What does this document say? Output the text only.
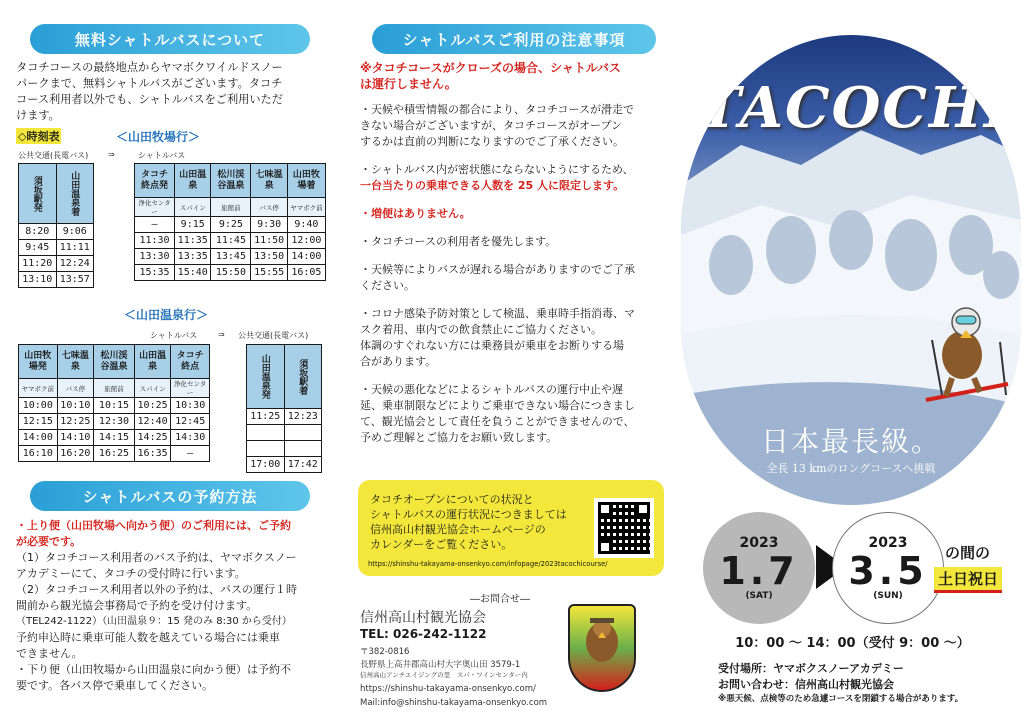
無料シャトルバスについて
タコチコースの最終地点からヤマボクワイルドスノー
パークまで、無料シャトルバスがございます。タコチ
コース利用者以外でも、シャトルバスをご利用いただ
けます。
◇時刻表	＜山田牧場行＞
公共交通(長電バス) ⇒	シャトルバス
須坂駅発	山田温泉着
8:20	9:06
9:45	11:11
11:20	12:24
13:10	13:57
タコチ終点発	山田温泉	松川渓谷温泉	七味温泉	山田牧場着
浄化センター	スパイン	旅館前	バス停	ヤマボク前
–	9:15	9:25	9:30	9:40
11:30	11:35	11:45	11:50	12:00
13:30	13:35	13:45	13:50	14:00
15:35	15:40	15:50	15:55	16:05
＜山田温泉行＞
シャトルバス	⇒ 公共交通(長電バス)
山田牧場発	七味温泉	松川渓谷温泉	山田温泉	タコチ終点
ヤマボク前	バス停	旅館前	スパイン	浄化センター
10:00	10:10	10:15	10:25	10:30
12:15	12:25	12:30	12:40	12:45
14:00	14:10	14:15	14:25	14:30
16:10	16:20	16:25	16:35	–
山田温泉発	須坂駅着
11:25	12:23

17:00	17:42
シャトルバスの予約方法
・上り便（山田牧場へ向かう便）のご利用には、ご予約
が必要です。
（1）タコチコース利用者のバス予約は、ヤマボクスノー
アカデミーにて、タコチの受付時に行います。
（2）タコチコース利用者以外の予約は、バスの運行１時
間前から観光協会事務局で予約を受け付けます。
（TEL242-1122）（山田温泉９：15 発のみ 8:30 から受付）
予約申込時に乗車可能人数を越えている場合には乗車
できません。
・下り便（山田牧場から山田温泉に向かう便）は予約不
要です。各バス停で乗車してください。
シャトルバスご利用の注意事項
※タコチコースがクローズの場合、シャトルバス
は運行しません。
・天候や積雪情報の都合により、タコチコースが滑走で
きない場合がございますが、タコチコースがオープン
するかは直前の判断になりますのでご了承ください。
・シャトルバス内が密状態にならないようにするため、
一台当たりの乗車できる人数を 25 人に限定します。
・増便はありません。
・タコチコースの利用者を優先します。
・天候等によりバスが遅れる場合がありますのでご了承
ください。
・コロナ感染予防対策として検温、乗車時手指消毒、マ
スク着用、車内での飲食禁止にご協力ください。
体調のすぐれない方には乗務員が乗車をお断りする場
合があります。
・天候の悪化などによるシャトルバスの運行中止や遅
延、乗車制限などによりご乗車できない場合につきまし
て、観光協会として責任を負うことができませんので、
予めご理解とご協力をお願い致します。
タコチオープンについての状況と
シャトルバスの運行状況につきましては
信州高山村観光協会ホームページの
カレンダーをご覧ください。
https://shinshu-takayama-onsenkyo.com/infopage/2023tacochicourse/
―お問合せ―
信州高山村観光協会
TEL: 026-242-1122
〒382-0816
長野県上高井郡高山村大字奥山田 3579-1
信州高山アンチエイジングの里　スパ・ワインセンター内
https://shinshu-takayama-onsenkyo.com/
Mail:info@shinshu-takayama-onsenkyo.com
TACOCHI
日本最長級。
全長 13 kmのロングコースへ挑戦
2023
1.7
(SAT)
2023
3.5
(SUN)
の間の
土日祝日
10：00 ～ 14：00（受付 9：00 ～）
受付場所：ヤマボクスノーアカデミー
お問い合わせ：信州高山村観光協会
※悪天候、点検等のため急遽コースを閉鎖する場合があります。
